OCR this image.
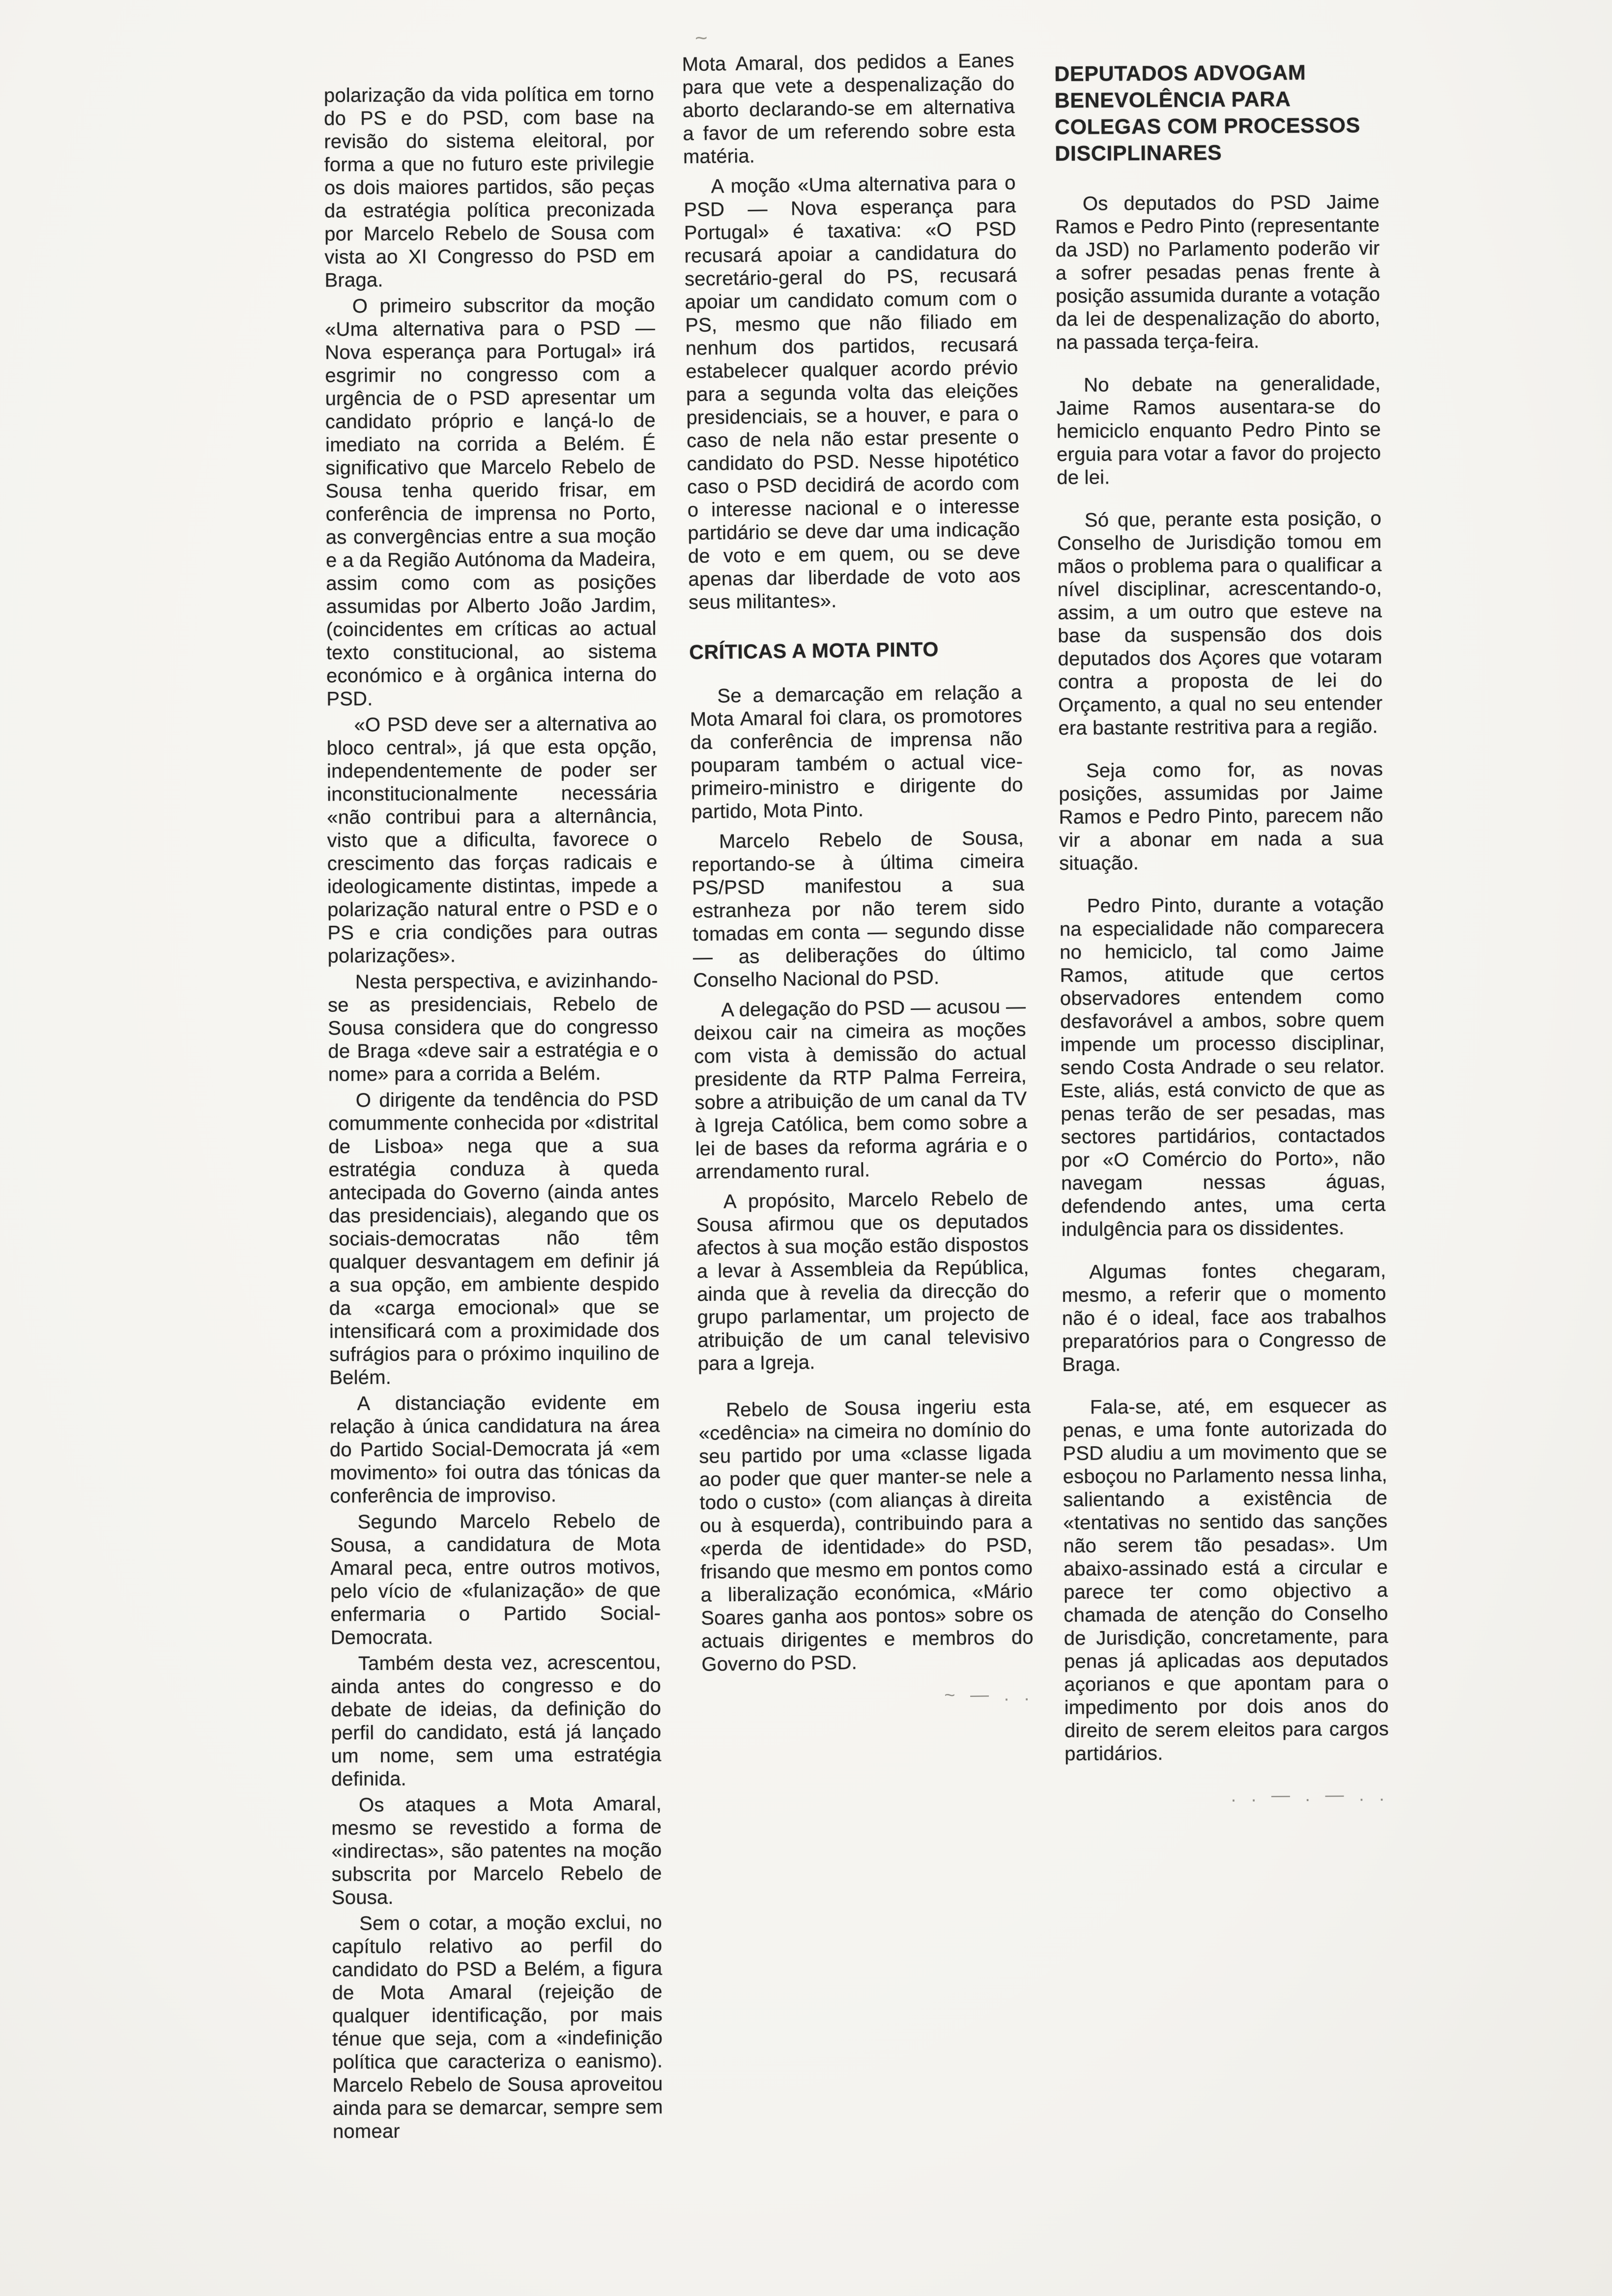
~

polarização da vida política em torno do PS e do PSD, com base na revisão do sistema eleitoral, por forma a que no futuro este privilegie os dois maiores partidos, são peças da estratégia política preconizada por Marcelo Rebelo de Sousa com vista ao XI Congresso do PSD em Braga.

O primeiro subscritor da moção «Uma alternativa para o PSD — Nova esperança para Portugal» irá esgrimir no congresso com a urgência de o PSD apresentar um candidato próprio e lançá-lo de imediato na corrida a Belém. É significativo que Marcelo Rebelo de Sousa tenha querido frisar, em conferência de imprensa no Porto, as convergências entre a sua moção e a da Região Autónoma da Madeira, assim como com as posições assumidas por Alberto João Jardim, (coincidentes em críticas ao actual texto constitucional, ao sistema económico e à orgânica interna do PSD.

«O PSD deve ser a alternativa ao bloco central», já que esta opção, independentemente de poder ser inconstitucionalmente necessária «não contribui para a alternância, visto que a dificulta, favorece o crescimento das forças radicais e ideologicamente distintas, impede a polarização natural entre o PSD e o PS e cria condições para outras polarizações».

Nesta perspectiva, e avizinhando-se as presidenciais, Rebelo de Sousa considera que do congresso de Braga «deve sair a estratégia e o nome» para a corrida a Belém.

O dirigente da tendência do PSD comummente conhecida por «distrital de Lisboa» nega que a sua estratégia conduza à queda antecipada do Governo (ainda antes das presidenciais), alegando que os sociais-democratas não têm qualquer desvantagem em definir já a sua opção, em ambiente despido da «carga emocional» que se intensificará com a proximidade dos sufrágios para o próximo inquilino de Belém.

A distanciação evidente em relação à única candidatura na área do Partido Social-Democrata já «em movimento» foi outra das tónicas da conferência de improviso.

Segundo Marcelo Rebelo de Sousa, a candidatura de Mota Amaral peca, entre outros motivos, pelo vício de «fulanização» de que enfermaria o Partido Social-Democrata.

Também desta vez, acrescentou, ainda antes do congresso e do debate de ideias, da definição do perfil do candidato, está já lançado um nome, sem uma estratégia definida.

Os ataques a Mota Amaral, mesmo se revestido a forma de «indirectas», são patentes na moção subscrita por Marcelo Rebelo de Sousa.

Sem o cotar, a moção exclui, no capítulo relativo ao perfil do candidato do PSD a Belém, a figura de Mota Amaral (rejeição de qualquer identificação, por mais ténue que seja, com a «indefinição política que caracteriza o eanismo). Marcelo Rebelo de Sousa aproveitou ainda para se demarcar, sempre sem nomear

Mota Amaral, dos pedidos a Eanes para que vete a despenalização do aborto declarando-se em alternativa a favor de um referendo sobre esta matéria.

A moção «Uma alternativa para o PSD — Nova esperança para Portugal» é taxativa: «O PSD recusará apoiar a candidatura do secretário-geral do PS, recusará apoiar um candidato comum com o PS, mesmo que não filiado em nenhum dos partidos, recusará estabelecer qualquer acordo prévio para a segunda volta das eleições presidenciais, se a houver, e para o caso de nela não estar presente o candidato do PSD. Nesse hipotético caso o PSD decidirá de acordo com o interesse nacional e o interesse partidário se deve dar uma indicação de voto e em quem, ou se deve apenas dar liberdade de voto aos seus militantes».

CRÍTICAS A MOTA PINTO

Se a demarcação em relação a Mota Amaral foi clara, os promotores da conferência de imprensa não pouparam também o actual vice-primeiro-ministro e dirigente do partido, Mota Pinto.

Marcelo Rebelo de Sousa, reportando-se à última cimeira PS/PSD manifestou a sua estranheza por não terem sido tomadas em conta — segundo disse — as deliberações do último Conselho Nacional do PSD.

A delegação do PSD — acusou — deixou cair na cimeira as moções com vista à demissão do actual presidente da RTP Palma Ferreira, sobre a atribuição de um canal da TV à Igreja Católica, bem como sobre a lei de bases da reforma agrária e o arrendamento rural.

A propósito, Marcelo Rebelo de Sousa afirmou que os deputados afectos à sua moção estão dispostos a levar à Assembleia da República, ainda que à revelia da direcção do grupo parlamentar, um projecto de atribuição de um canal televisivo para a Igreja.

Rebelo de Sousa ingeriu esta «cedência» na cimeira no domínio do seu partido por uma «classe ligada ao poder que quer manter-se nele a todo o custo» (com alianças à direita ou à esquerda), contribuindo para a «perda de identidade» do PSD, frisando que mesmo em pontos como a liberalização económica, «Mário Soares ganha aos pontos» sobre os actuais dirigentes e membros do Governo do PSD.

~ — . .
DEPUTADOS ADVOGAM BENEVOLÊNCIA PARA COLEGAS COM PROCESSOS DISCIPLINARES

Os deputados do PSD Jaime Ramos e Pedro Pinto (representante da JSD) no Parlamento poderão vir a sofrer pesadas penas frente à posição assumida durante a votação da lei de despenalização do aborto, na passada terça-feira.

No debate na generalidade, Jaime Ramos ausentara-se do hemiciclo enquanto Pedro Pinto se erguia para votar a favor do projecto de lei.

Só que, perante esta posição, o Conselho de Jurisdição tomou em mãos o problema para o qualificar a nível disciplinar, acrescentando-o, assim, a um outro que esteve na base da suspensão dos dois deputados dos Açores que votaram contra a proposta de lei do Orçamento, a qual no seu entender era bastante restritiva para a região.

Seja como for, as novas posições, assumidas por Jaime Ramos e Pedro Pinto, parecem não vir a abonar em nada a sua situação.

Pedro Pinto, durante a votação na especialidade não comparecera no hemiciclo, tal como Jaime Ramos, atitude que certos observadores entendem como desfavorável a ambos, sobre quem impende um processo disciplinar, sendo Costa Andrade o seu relator. Este, aliás, está convicto de que as penas terão de ser pesadas, mas sectores partidários, contactados por «O Comércio do Porto», não navegam nessas águas, defendendo antes, uma certa indulgência para os dissidentes.

Algumas fontes chegaram, mesmo, a referir que o momento não é o ideal, face aos trabalhos preparatórios para o Congresso de Braga.

Fala-se, até, em esquecer as penas, e uma fonte autorizada do PSD aludiu a um movimento que se esboçou no Parlamento nessa linha, salientando a existência de «tentativas no sentido das sanções não serem tão pesadas». Um abaixo-assinado está a circular e parece ter como objectivo a chamada de atenção do Conselho de Jurisdição, concretamente, para penas já aplicadas aos deputados açorianos e que apontam para o impedimento por dois anos do direito de serem eleitos para cargos partidários.

. . — . — . .
